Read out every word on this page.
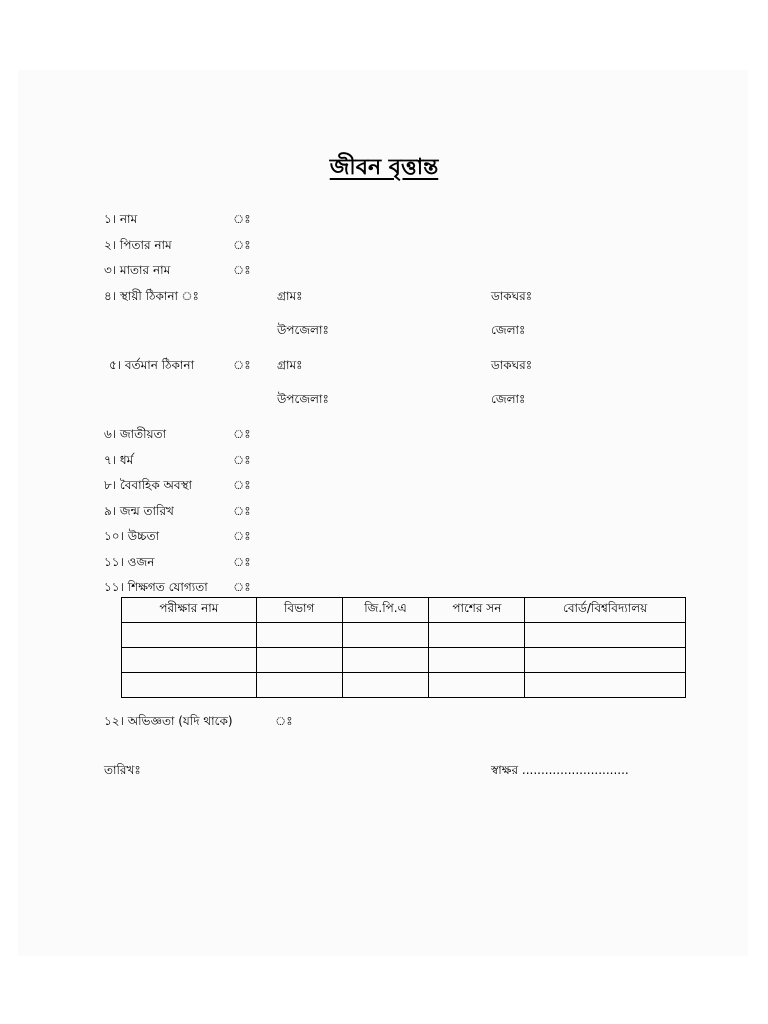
জীবন বৃত্তান্ত
১। নাম	ঃ
২। পিতার নাম	ঃ
৩। মাতার নাম	ঃ
৪। স্থায়ী ঠিকানা ঃ	গ্রামঃ	ডাকঘরঃ
উপজেলাঃ	জেলাঃ
৫। বর্তমান ঠিকানা	ঃ গ্রামঃ	ডাকঘরঃ
উপজেলাঃ	জেলাঃ
৬। জাতীয়তা	ঃ
৭। ধর্ম	ঃ
৮। বৈবাহিক অবস্থা	ঃ
৯। জন্ম তারিখ	ঃ
১০। উচ্চতা	ঃ
১১। ওজন	ঃ
১১। শিক্ষগত যোগ্যতা ঃ
পরীক্ষার নাম	বিভাগ	জি.পি.এ	পাশের সন	বোর্ড/বিশ্ববিদ্যালয়

১২। অভিজ্ঞতা (যদি থাকে)	ঃ
তারিখঃ	স্বাক্ষর ............................
